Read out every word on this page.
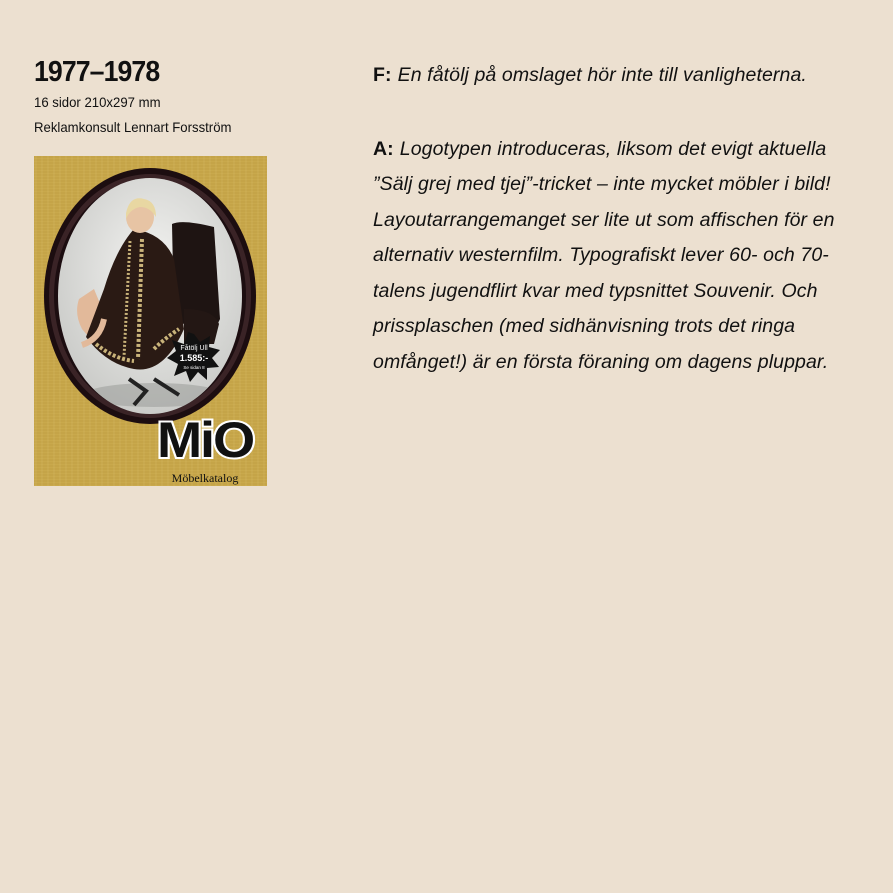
1977–1978

16 sidor 210x297 mm

Reklamkonsult Lennart Forsström

Fåtölj Ull
1.585:-
Se sidan 8
MiO
Möbelkatalog

F: En fåtölj på omslaget hör inte till vanligheterna.

A: Logotypen introduceras, liksom det evigt aktuella ”Sälj grej med tjej”-tricket – inte mycket möbler i bild! Layoutarrangemanget ser lite ut som affischen för en alternativ westernfilm. Typografiskt lever 60- och 70-talens jugendflirt kvar med typsnittet Souvenir. Och prissplaschen (med sidhänvisning trots det ringa omfånget!) är en första föraning om dagens pluppar.
